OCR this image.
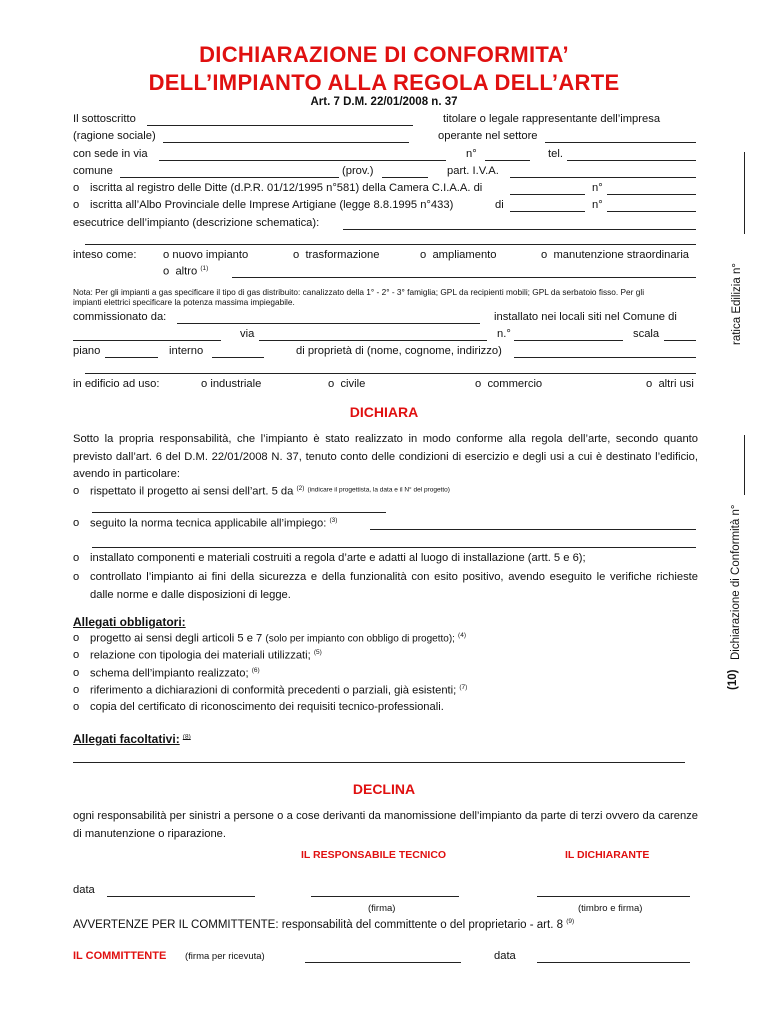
DICHIARAZIONE DI CONFORMITA’
DELL’IMPIANTO ALLA REGOLA DELL’ARTE
Art. 7 D.M. 22/01/2008 n. 37
Il sottoscritto	titolare o legale rappresentante dell’impresa
(ragione sociale)	operante nel settore
con sede in via	n°	tel.
comune	(prov.)	part. I.V.A.
o iscritta al registro delle Ditte (d.P.R. 01/12/1995 n°581) della Camera C.I.A.A. di	n°
o iscritta all’Albo Provinciale delle Imprese Artigiane (legge 8.8.1995 n°433)	di	n°
esecutrice dell’impianto (descrizione schematica):
inteso come: o nuovo impianto	o  trasformazione	o  ampliamento	o  manutenzione straordinaria
o  altro $^{(1)}$
Nota: Per gli impianti a gas specificare il tipo di gas distribuito: canalizzato della 1° - 2° - 3° famiglia; GPL da recipienti mobili; GPL da serbatoio fisso. Per gli
impianti elettrici specificare la potenza massima impiegabile.
commissionato da:	installato nei locali siti nel Comune di
via	n.°	scala
piano	interno	di proprietà di (nome, cognome, indirizzo)
in edificio ad uso:	o industriale	o  civile	o  commercio	o  altri usi
DICHIARA
Sotto la propria responsabilità, che l’impianto è stato realizzato in modo conforme alla regola dell’arte, secondo quanto previsto dall’art. 6 del D.M. 22/01/2008 N. 37, tenuto conto delle condizioni di esercizio e degli usi a cui è destinato l’edificio, avendo in particolare:
o rispettato il progetto ai sensi dell’art. 5 da $^{(2)}$ $^{(indicare il progettista, la data e il N^\circ del progetto)}$
o seguito la norma tecnica applicabile all’impiego: $^{(3)}$
o installato componenti e materiali costruiti a regola d’arte e adatti al luogo di installazione (artt. 5 e 6);
o controllato l’impianto ai fini della sicurezza e della funzionalità con esito positivo, avendo eseguito le verifiche richieste dalle norme e dalle disposizioni di legge.
Allegati obbligatori:
o progetto ai sensi degli articoli 5 e 7 (solo per impianto con obbligo di progetto); $^{(4)}$
o relazione con tipologia dei materiali utilizzati; $^{(5)}$
o schema dell’impianto realizzato; $^{(6)}$
o riferimento a dichiarazioni di conformità precedenti o parziali, già esistenti; $^{(7)}$
o copia del certificato di riconoscimento dei requisiti tecnico-professionali.
Allegati facoltativi: $^{(8)}$
DECLINA
ogni responsabilità per sinistri a persone o a cose derivanti da manomissione dell’impianto da parte di terzi ovvero da carenze di manutenzione o riparazione.
IL RESPONSABILE TECNICO	IL DICHIARANTE
data
(firma)	(timbro e firma)
AVVERTENZE PER IL COMMITTENTE: responsabilità del committente o del proprietario - art. 8 $^{(9)}$
IL COMMITTENTE (firma per ricevuta)	data
ratica Edilizia n°
Dichiarazione di Conformità n°
(10)
